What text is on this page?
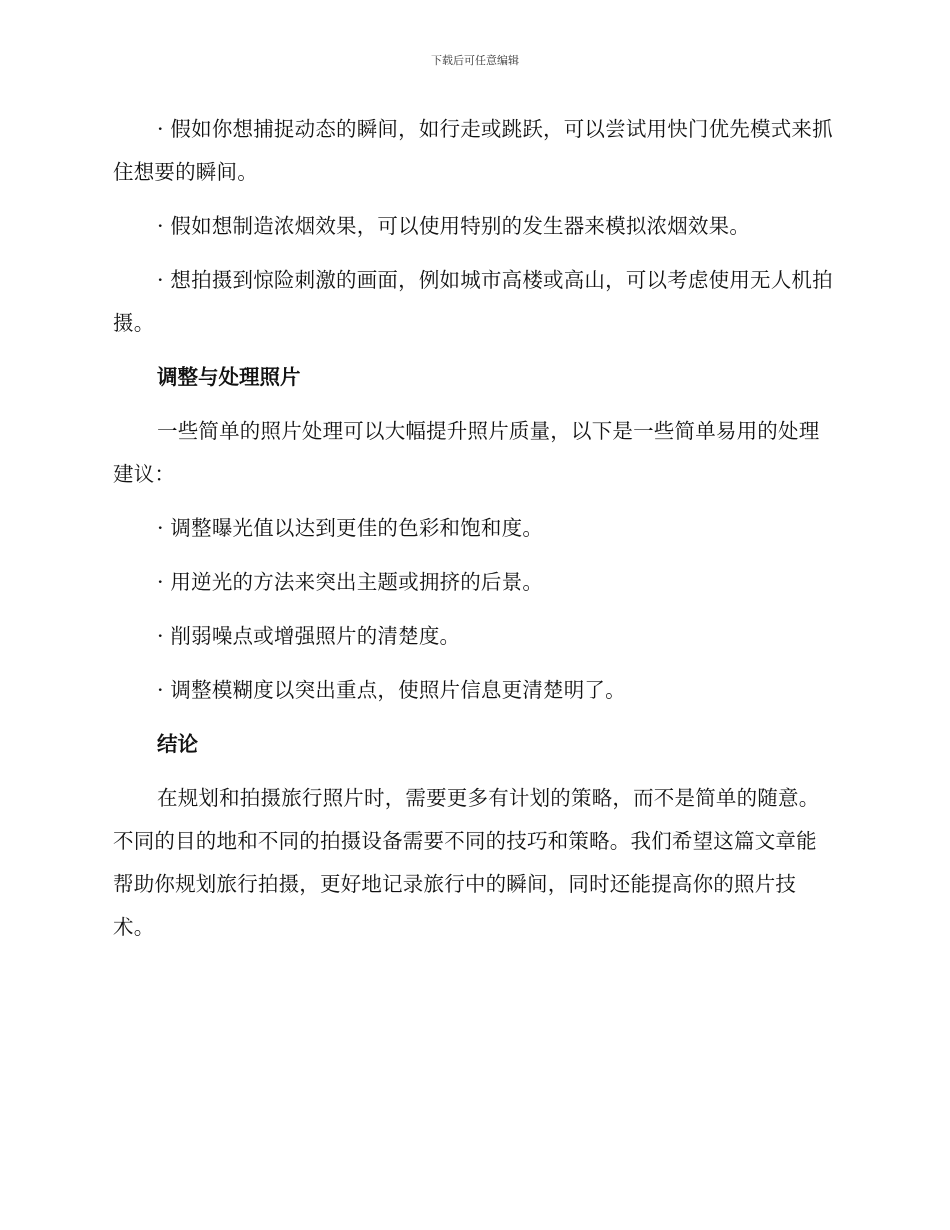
下载后可任意编辑

· 假如你想捕捉动态的瞬间，如行走或跳跃，可以尝试用快门优先模式来抓住想要的瞬间。

· 假如想制造浓烟效果，可以使用特别的发生器来模拟浓烟效果。

· 想拍摄到惊险刺激的画面，例如城市高楼或高山，可以考虑使用无人机拍摄。

调整与处理照片

一些简单的照片处理可以大幅提升照片质量，以下是一些简单易用的处理建议：

· 调整曝光值以达到更佳的色彩和饱和度。

· 用逆光的方法来突出主题或拥挤的后景。

· 削弱噪点或增强照片的清楚度。

· 调整模糊度以突出重点，使照片信息更清楚明了。

结论

在规划和拍摄旅行照片时，需要更多有计划的策略，而不是简单的随意。不同的目的地和不同的拍摄设备需要不同的技巧和策略。我们希望这篇文章能帮助你规划旅行拍摄，更好地记录旅行中的瞬间，同时还能提高你的照片技术。
